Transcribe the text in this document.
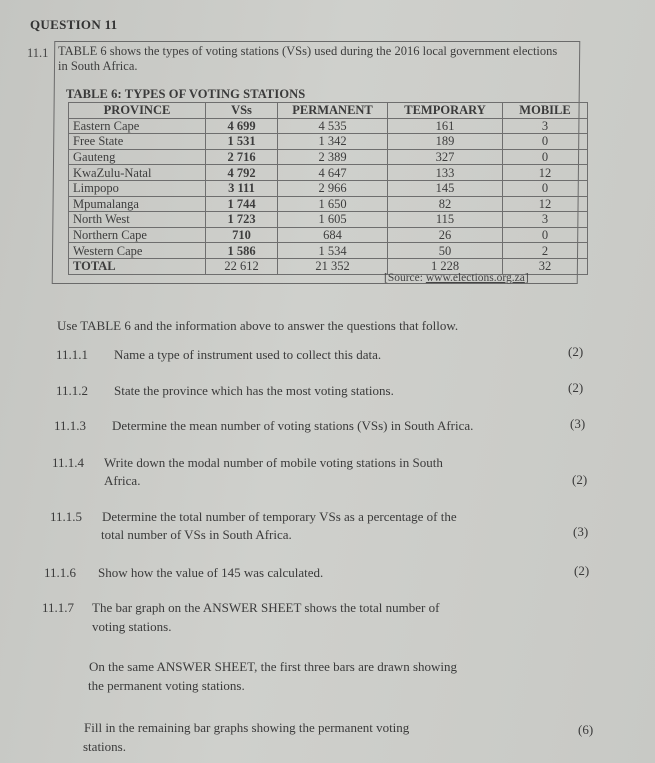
QUESTION 11
11.1 TABLE 6 shows the types of voting stations (VSs) used during the 2016 local government elections in South Africa.
TABLE 6: TYPES OF VOTING STATIONS
PROVINCE	VSs	PERMANENT	TEMPORARY	MOBILE
Eastern Cape	4 699	4 535	161	3
Free State	1 531	1 342	189	0
Gauteng	2 716	2 389	327	0
KwaZulu-Natal	4 792	4 647	133	12
Limpopo	3 111	2 966	145	0
Mpumalanga	1 744	1 650	82	12
North West	1 723	1 605	115	3
Northern Cape	710	684	26	0
Western Cape	1 586	1 534	50	2
TOTAL	22 612	21 352	1 228	32
[Source: www.elections.org.za]
Use TABLE 6 and the information above to answer the questions that follow.
11.1.1 Name a type of instrument used to collect this data.	(2)
11.1.2 State the province which has the most voting stations.	(2)
11.1.3 Determine the mean number of voting stations (VSs) in South Africa.	(3)
11.1.4 Write down the modal number of mobile voting stations in South
Africa.	(2)
11.1.5 Determine the total number of temporary VSs as a percentage of the
total number of VSs in South Africa.	(3)
11.1.6 Show how the value of 145 was calculated.	(2)
11.1.7 The bar graph on the ANSWER SHEET shows the total number of
voting stations.
On the same ANSWER SHEET, the first three bars are drawn showing
the permanent voting stations.
Fill in the remaining bar graphs showing the permanent voting
stations.
(6)
